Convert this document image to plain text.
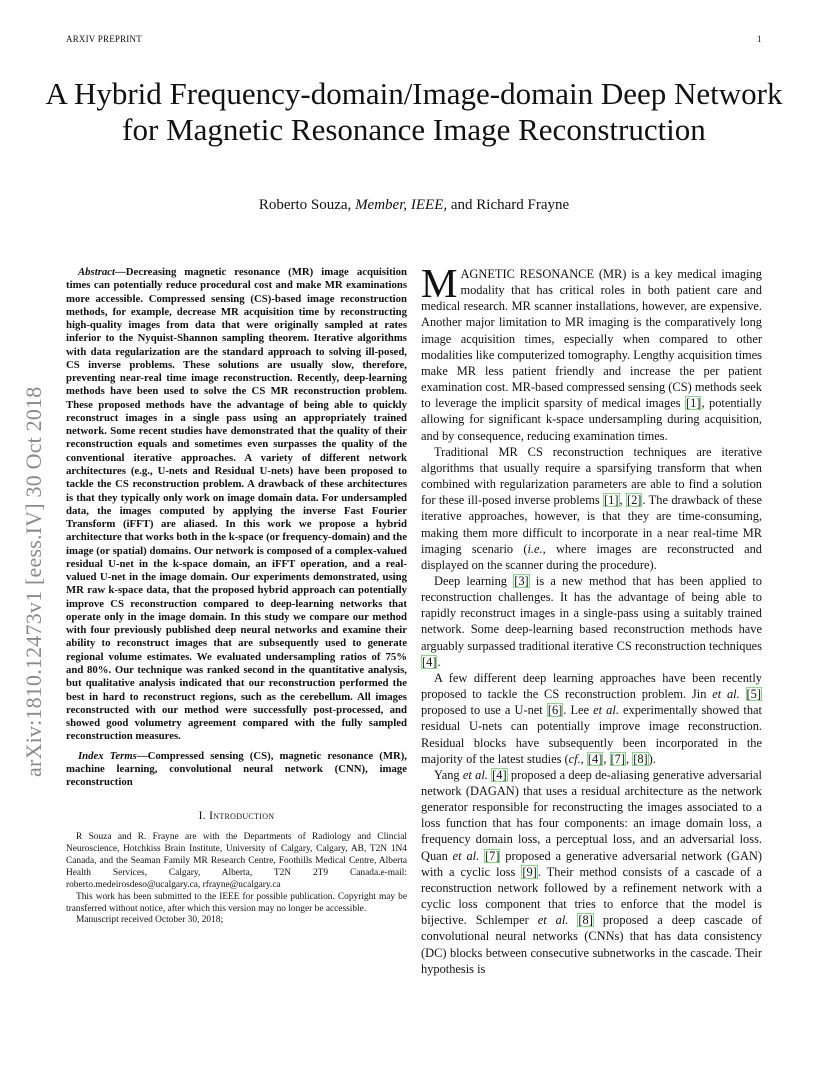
ARXIV PREPRINT	1
A Hybrid Frequency-domain/Image-domain Deep Network for Magnetic Resonance Image Reconstruction
Roberto Souza, Member, IEEE, and Richard Frayne
arXiv:1810.12473v1 [eess.IV] 30 Oct 2018

Abstract—Decreasing magnetic resonance (MR) image acquisition times can potentially reduce procedural cost and make MR examinations more accessible. Compressed sensing (CS)-based image reconstruction methods, for example, decrease MR acquisition time by reconstructing high-quality images from data that were originally sampled at rates inferior to the Nyquist-Shannon sampling theorem. Iterative algorithms with data regularization are the standard approach to solving ill-posed, CS inverse problems. These solutions are usually slow, therefore, preventing near-real time image reconstruction. Recently, deep-learning methods have been used to solve the CS MR reconstruction problem. These proposed methods have the advantage of being able to quickly reconstruct images in a single pass using an appropriately trained network. Some recent studies have demonstrated that the quality of their reconstruction equals and sometimes even surpasses the quality of the conventional iterative approaches. A variety of different network architectures (e.g., U-nets and Residual U-nets) have been proposed to tackle the CS reconstruction problem. A drawback of these architectures is that they typically only work on image domain data. For undersampled data, the images computed by applying the inverse Fast Fourier Transform (iFFT) are aliased. In this work we propose a hybrid architecture that works both in the k-space (or frequency-domain) and the image (or spatial) domains. Our network is composed of a complex-valued residual U-net in the k-space domain, an iFFT operation, and a real-valued U-net in the image domain. Our experiments demonstrated, using MR raw k-space data, that the proposed hybrid approach can potentially improve CS reconstruction compared to deep-learning networks that operate only in the image domain. In this study we compare our method with four previously published deep neural networks and examine their ability to reconstruct images that are subsequently used to generate regional volume estimates. We evaluated undersampling ratios of 75% and 80%. Our technique was ranked second in the quantitative analysis, but qualitative analysis indicated that our reconstruction performed the best in hard to reconstruct regions, such as the cerebellum. All images reconstructed with our method were successfully post-processed, and showed good volumetry agreement compared with the fully sampled reconstruction measures.

Index Terms—Compressed sensing (CS), magnetic resonance (MR), machine learning, convolutional neural network (CNN), image reconstruction

I. Introduction

R Souza and R. Frayne are with the Departments of Radiology and Clincial Neuroscience, Hotchkiss Brain Institute, University of Calgary, Calgary, AB, T2N 1N4 Canada, and the Seaman Family MR Research Centre, Foothills Medical Centre, Alberta Health Services, Calgary, Alberta, T2N 2T9 Canada.e-mail: roberto.medeirosdeso@ucalgary.ca, rfrayne@ucalgary.ca

This work has been submitted to the IEEE for possible publication. Copyright may be transferred without notice, after which this version may no longer be accessible.

Manuscript received October 30, 2018;

MAGNETIC RESONANCE (MR) is a key medical imaging modality that has critical roles in both patient care and medical research. MR scanner installations, however, are expensive. Another major limitation to MR imaging is the comparatively long image acquisition times, especially when compared to other modalities like computerized tomography. Lengthy acquisition times make MR less patient friendly and increase the per patient examination cost. MR-based compressed sensing (CS) methods seek to leverage the implicit sparsity of medical images [1], potentially allowing for significant k-space undersampling during acquisition, and by consequence, reducing examination times.

Traditional MR CS reconstruction techniques are iterative algorithms that usually require a sparsifying transform that when combined with regularization parameters are able to find a solution for these ill-posed inverse problems [1], [2]. The drawback of these iterative approaches, however, is that they are time-consuming, making them more difficult to incorporate in a near real-time MR imaging scenario (i.e., where images are reconstructed and displayed on the scanner during the procedure).

Deep learning [3] is a new method that has been applied to reconstruction challenges. It has the advantage of being able to rapidly reconstruct images in a single-pass using a suitably trained network. Some deep-learning based reconstruction methods have arguably surpassed traditional iterative CS reconstruction techniques [4].

A few different deep learning approaches have been recently proposed to tackle the CS reconstruction problem. Jin et al. [5] proposed to use a U-net [6]. Lee et al. experimentally showed that residual U-nets can potentially improve image reconstruction. Residual blocks have subsequently been incorporated in the majority of the latest studies (cf., [4], [7], [8]).

Yang et al. [4] proposed a deep de-aliasing generative adversarial network (DAGAN) that uses a residual architecture as the network generator responsible for reconstructing the images associated to a loss function that has four components: an image domain loss, a frequency domain loss, a perceptual loss, and an adversarial loss. Quan et al. [7] proposed a generative adversarial network (GAN) with a cyclic loss [9]. Their method consists of a cascade of a reconstruction network followed by a refinement network with a cyclic loss component that tries to enforce that the model is bijective. Schlemper et al. [8] proposed a deep cascade of convolutional neural networks (CNNs) that has data consistency (DC) blocks between consecutive subnetworks in the cascade. Their hypothesis is
